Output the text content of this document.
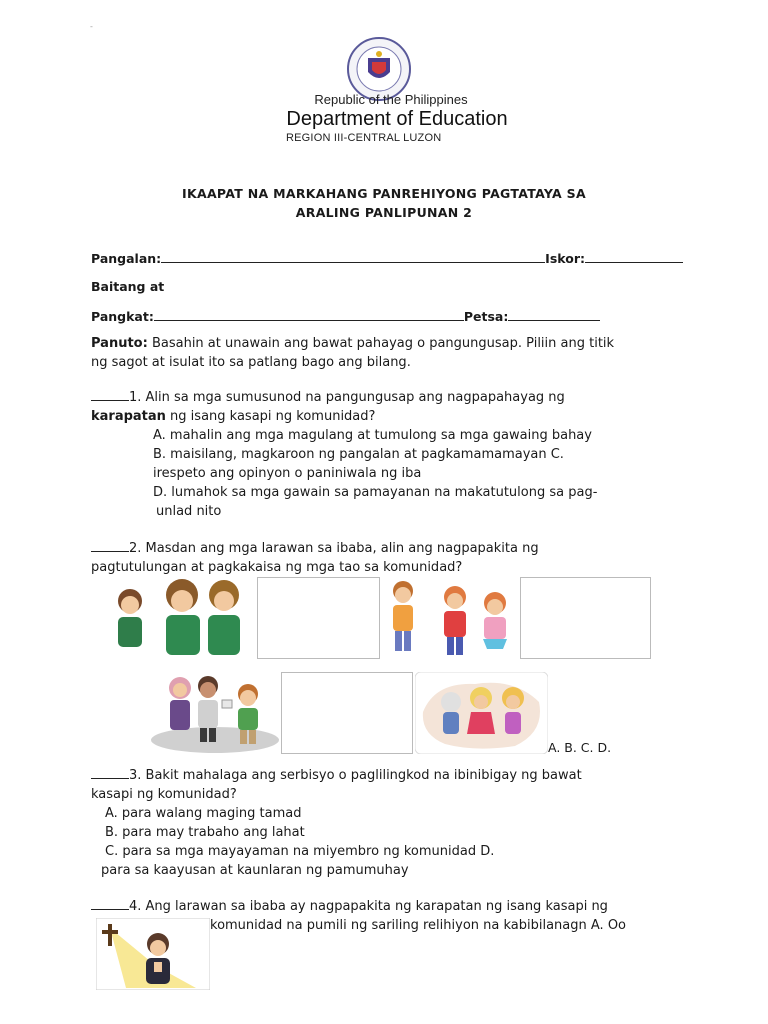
-
Republic of the Philippines
Department of Education
REGION III-CENTRAL LUZON
IKAAPAT NA MARKAHANG PANREHIYONG PAGTATAYA SA
ARALING PANLIPUNAN 2
Pangalan:	Iskor:
Baitang at
Pangkat:	Petsa:
Panuto: Basahin at unawain ang bawat pahayag o pangungusap. Piliin ang titik
ng sagot at isulat ito sa patlang bago ang bilang.
1. Alin sa mga sumusunod na pangungusap ang nagpapahayag ng
karapatan ng isang kasapi ng komunidad?
A. mahalin ang mga magulang at tumulong sa mga gawaing bahay
B. maisilang, magkaroon ng pangalan at pagkamamamayan C.
irespeto ang opinyon o paniniwala ng iba
D. lumahok sa mga gawain sa pamayanan na makatutulong sa pag-
unlad nito
2. Masdan ang mga larawan sa ibaba, alin ang nagpapakita ng
pagtutulungan at pagkakaisa ng mga tao sa komunidad?
A. B. C. D.
3. Bakit mahalaga ang serbisyo o paglilingkod na ibinibigay ng bawat
kasapi ng komunidad?
A. para walang maging tamad
B. para may trabaho ang lahat
C. para sa mga mayayaman na miyembro ng komunidad D.
para sa kaayusan at kaunlaran ng pamumuhay
4. Ang larawan sa ibaba ay nagpapakita ng karapatan ng isang kasapi ng
komunidad na pumili ng sariling relihiyon na kabibilanagn A. Oo
